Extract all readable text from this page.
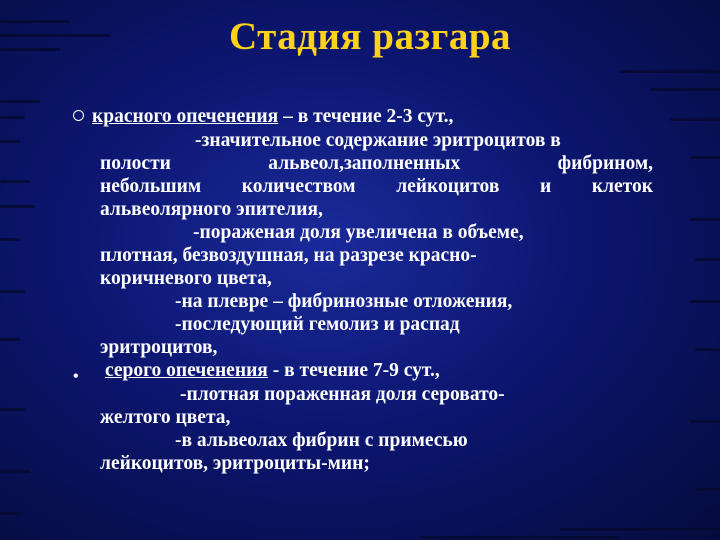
Стадия разгара
красного опеченения – в течение 2-3 сут.,
-значительное содержание эритроцитов в
полости альвеол,заполненных фибрином,
небольшим количеством лейкоцитов и клеток
альвеолярного эпителия,
-пораженая доля увеличена в объеме,
плотная, безвоздушная, на разрезе красно-
коричневого цвета,
-на плевре – фибринозные отложения,
-последующий гемолиз и распад
эритроцитов,
• серого опеченения - в течение 7-9 сут.,
-плотная пораженная доля серовато-
желтого цвета,
-в альвеолах фибрин с примесью
лейкоцитов, эритроциты-мин;
